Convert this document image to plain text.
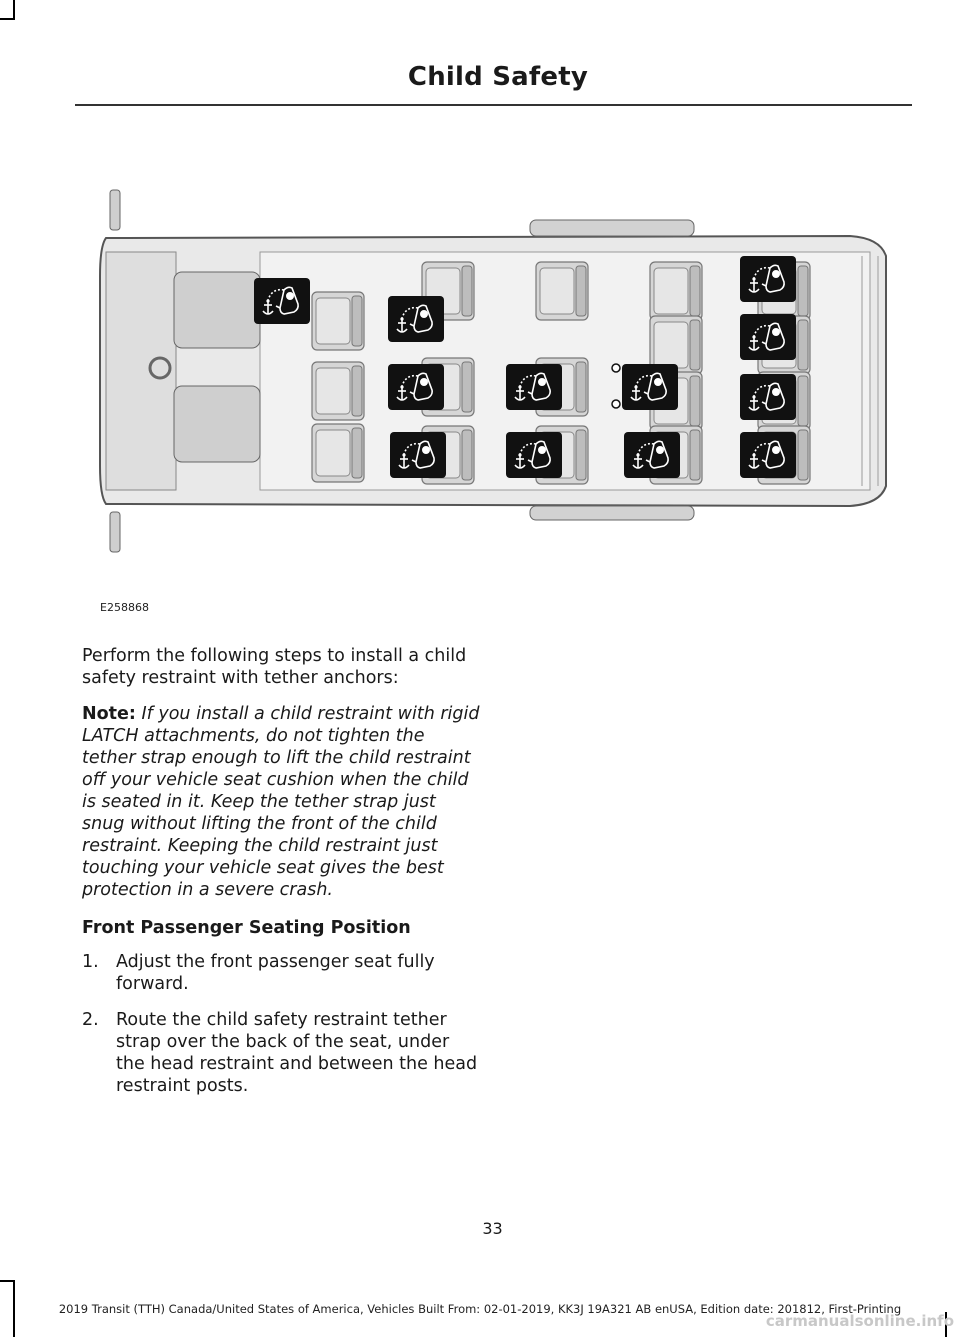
Child Safety
E258868

Perform the following steps to install a child safety restraint with tether anchors:

Note: If you install a child restraint with rigid LATCH attachments, do not tighten the tether strap enough to lift the child restraint off your vehicle seat cushion when the child is seated in it. Keep the tether strap just snug without lifting the front of the child restraint. Keeping the child restraint just touching your vehicle seat gives the best protection in a severe crash.

Front Passenger Seating Position
1. Adjust the front passenger seat fully forward.
2. Route the child safety restraint tether strap over the back of the seat, under the head restraint and between the head restraint posts.
33
2019 Transit (TTH) Canada/United States of America, Vehicles Built From: 02-01-2019, KK3J 19A321 AB enUSA, Edition date: 201812, First-Printing
carmanualsonline.info
